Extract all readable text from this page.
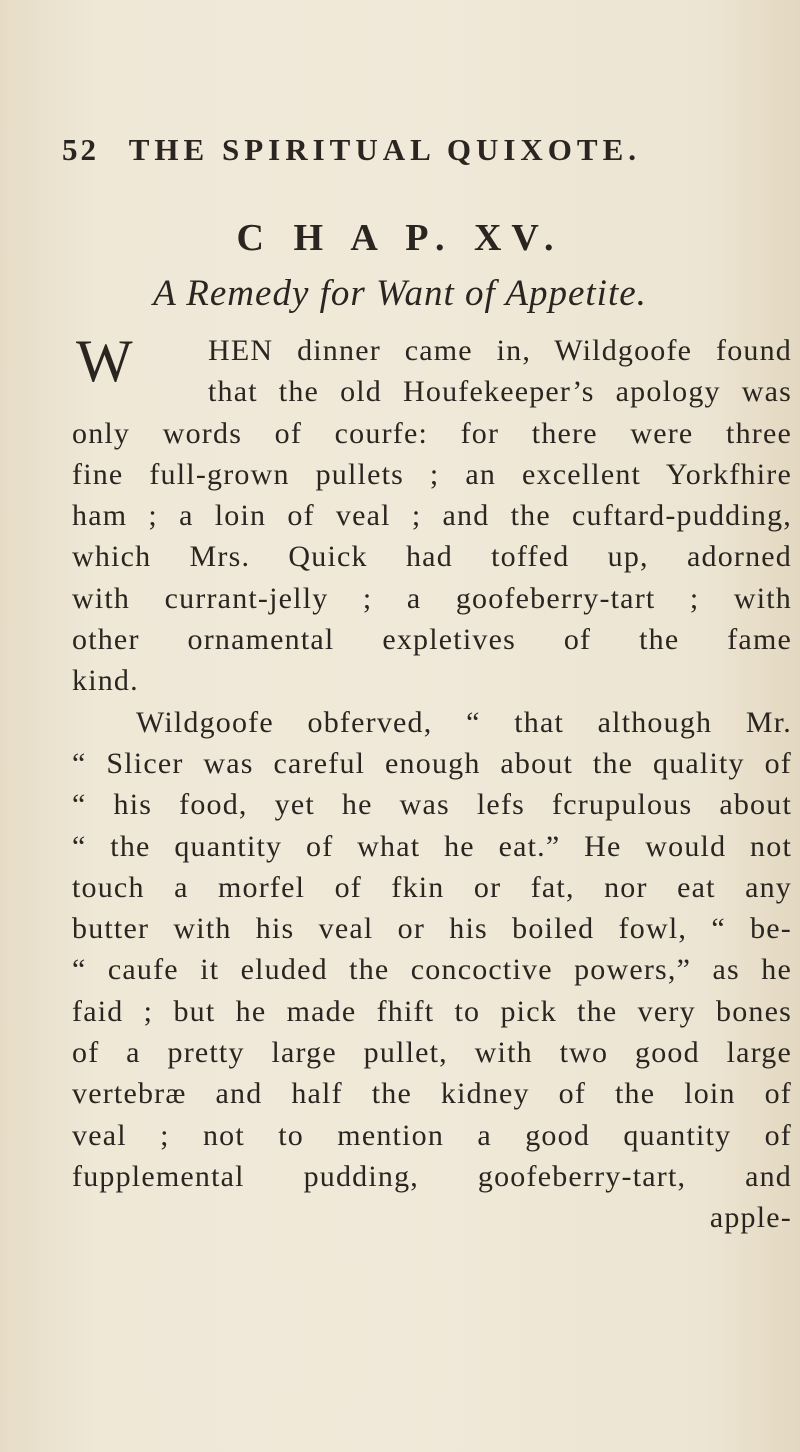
52 THE SPIRITUAL QUIXOTE.
C H A P. XV.
A Remedy for Want of Appetite.
W	HEN dinner came in, Wildgoofe found
that the old Houfekeeper’s apology was
only words of courfe: for there were three
fine full-grown pullets ; an excellent Yorkfhire
ham ; a loin of veal ; and the cuftard-pudding,
which Mrs. Quick had toffed up, adorned
with currant-jelly ; a goofeberry-tart ; with
other ornamental expletives of the fame
kind.
Wildgoofe obferved, “ that although Mr.
“ Slicer was careful enough about the quality of
“ his food, yet he was lefs fcrupulous about
“ the quantity of what he eat.” He would not
touch a morfel of fkin or fat, nor eat any
butter with his veal or his boiled fowl, “ be-
“ caufe it eluded the concoctive powers,” as he
faid ; but he made fhift to pick the very bones
of a pretty large pullet, with two good large
vertebræ and half the kidney of the loin of
veal ; not to mention a good quantity of
fupplemental pudding, goofeberry-tart, and
apple-
